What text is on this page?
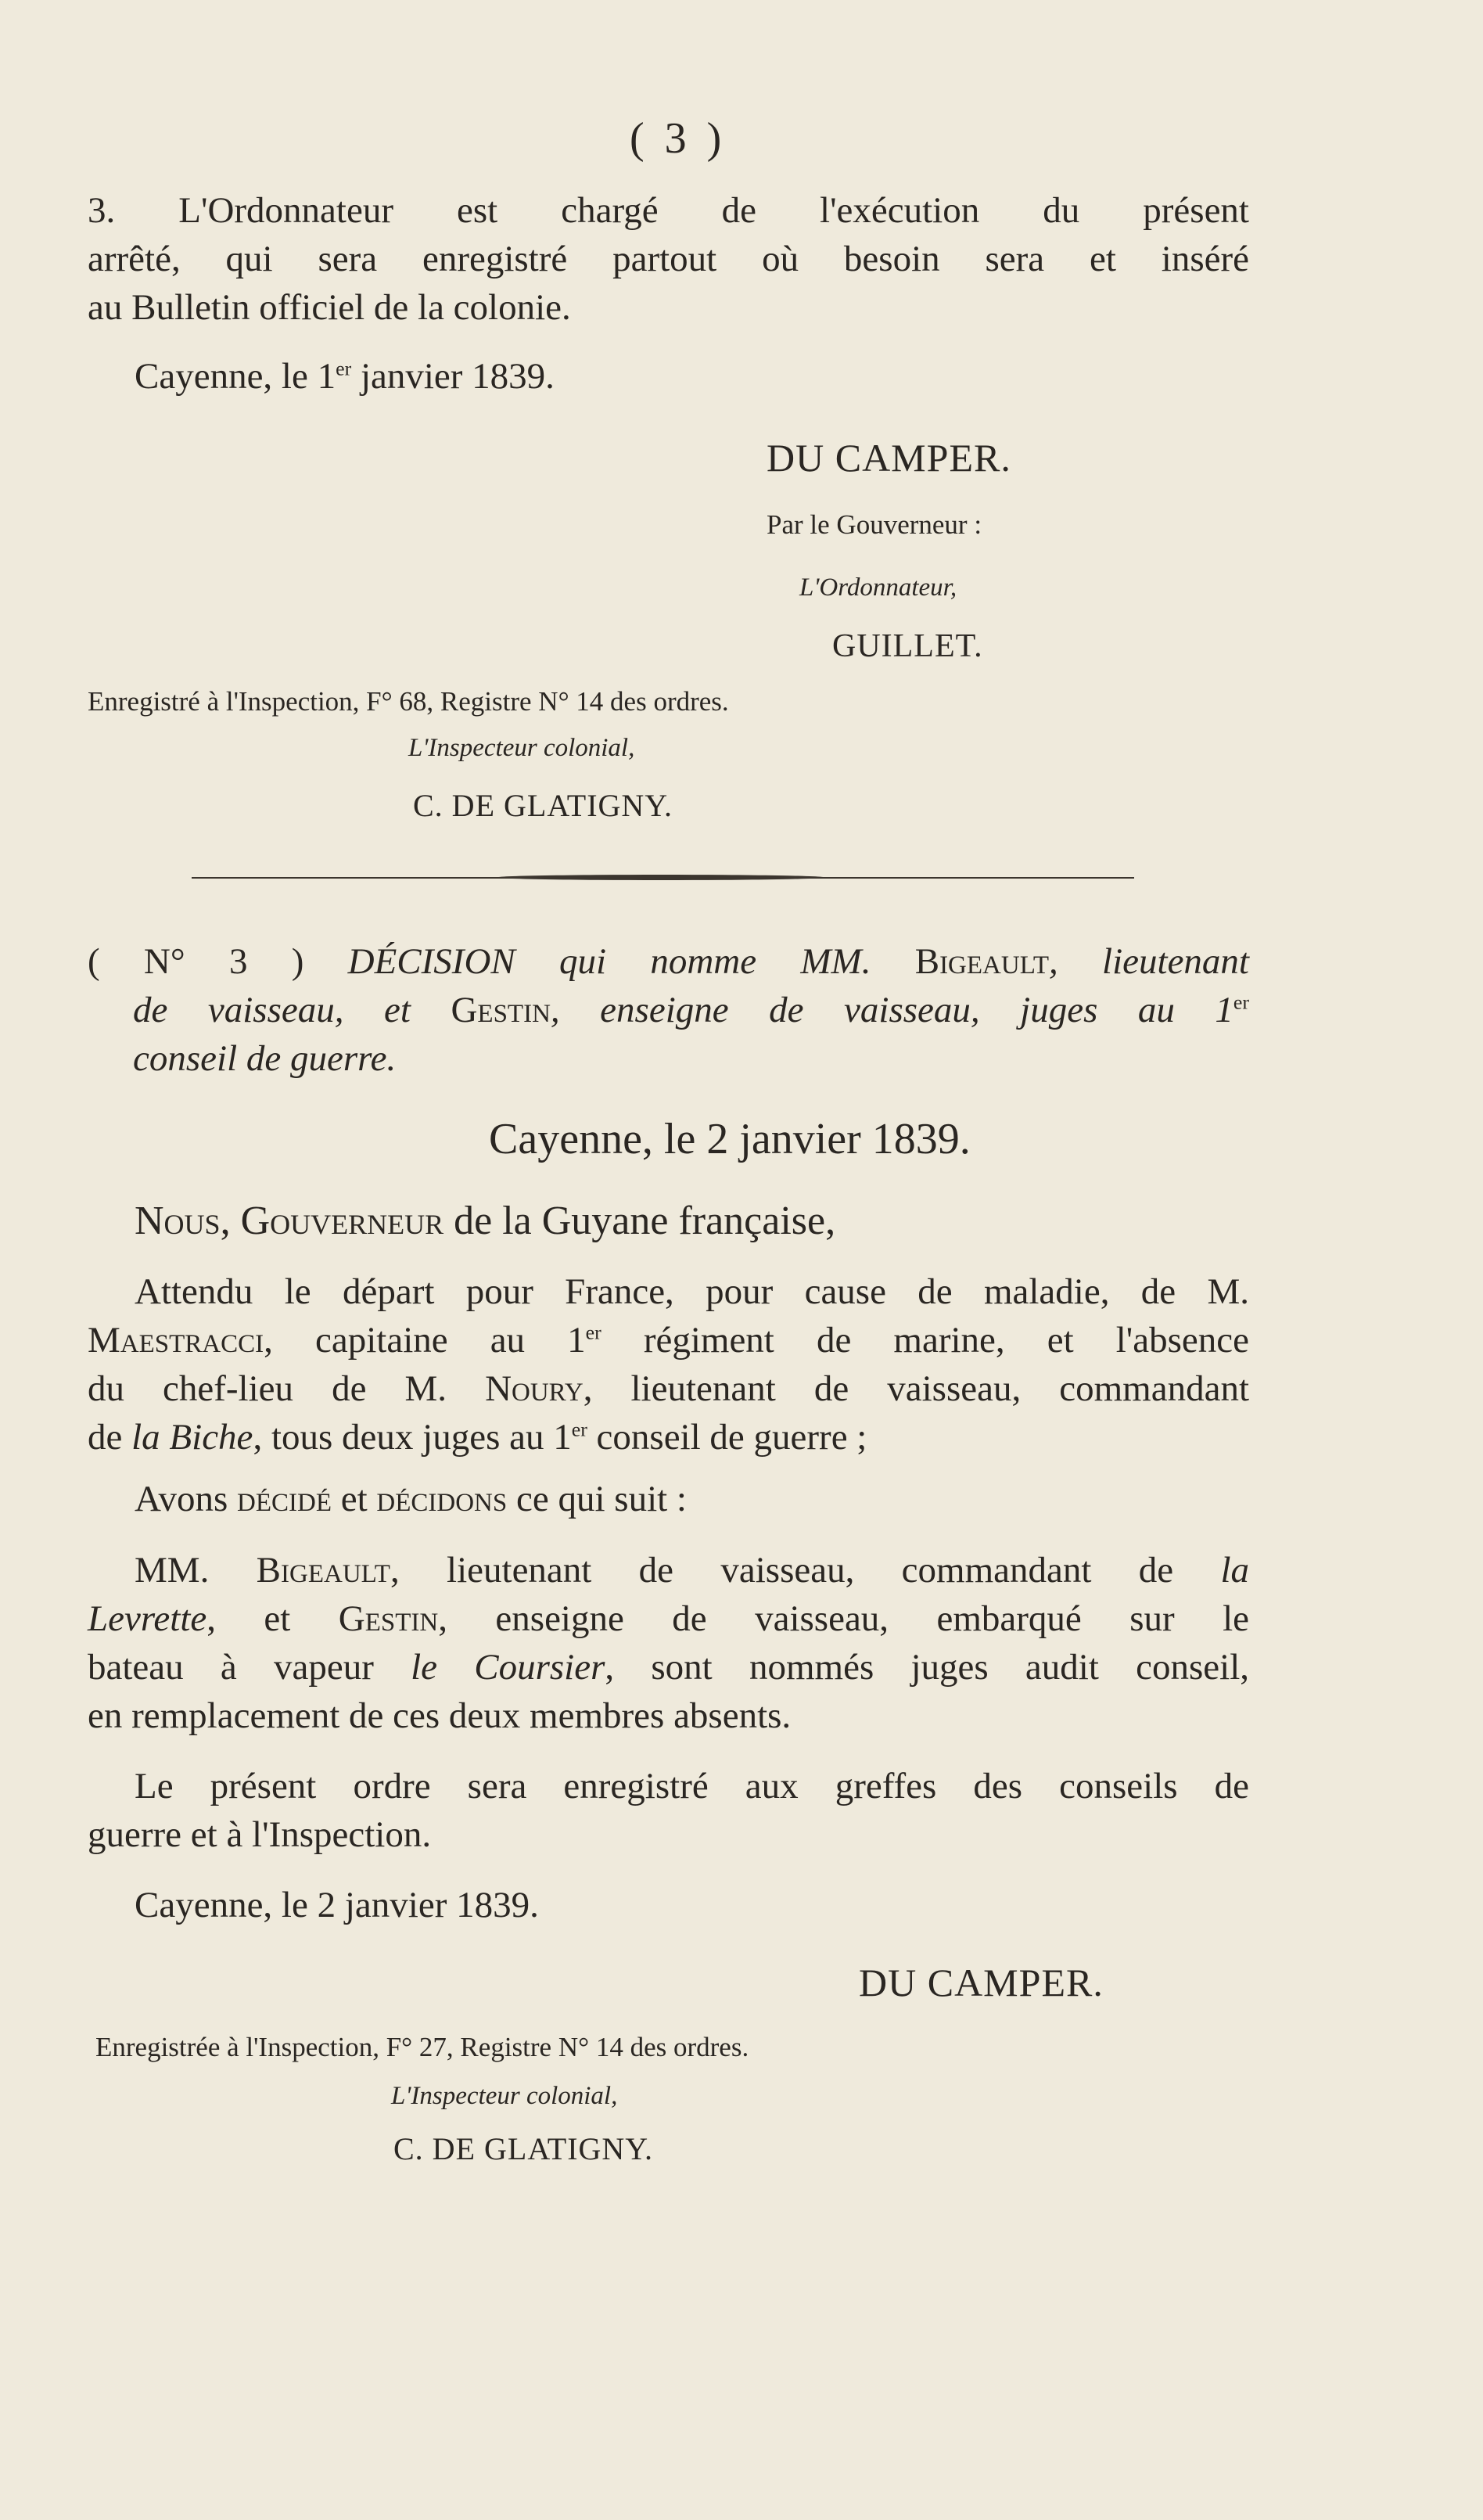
( 3 )
3. L'Ordonnateur est chargé de l'exécution du présent
arrêté, qui sera enregistré partout où besoin sera et inséré
au Bulletin officiel de la colonie.
Cayenne, le 1er janvier 1839.
DU CAMPER.
Par le Gouverneur :
L'Ordonnateur,
GUILLET.
Enregistré à l'Inspection, F° 68, Registre N° 14 des ordres.
L'Inspecteur colonial,
C. DE GLATIGNY.
( N° 3 ) DÉCISION qui nomme MM. Bigeault, lieutenant
de vaisseau, et Gestin, enseigne de vaisseau, juges au 1er
conseil de guerre.
Cayenne, le 2 janvier 1839.
Nous, Gouverneur de la Guyane française,
Attendu le départ pour France, pour cause de maladie, de M.
Maestracci, capitaine au 1er régiment de marine, et l'absence
du chef-lieu de M. Noury, lieutenant de vaisseau, commandant
de la Biche, tous deux juges au 1er conseil de guerre ;
Avons décidé et décidons ce qui suit :
MM. Bigeault, lieutenant de vaisseau, commandant de la
Levrette, et Gestin, enseigne de vaisseau, embarqué sur le
bateau à vapeur le Coursier, sont nommés juges audit conseil,
en remplacement de ces deux membres absents.
Le présent ordre sera enregistré aux greffes des conseils de
guerre et à l'Inspection.
Cayenne, le 2 janvier 1839.
DU CAMPER.
Enregistrée à l'Inspection, F° 27, Registre N° 14 des ordres.
L'Inspecteur colonial,
C. DE GLATIGNY.
